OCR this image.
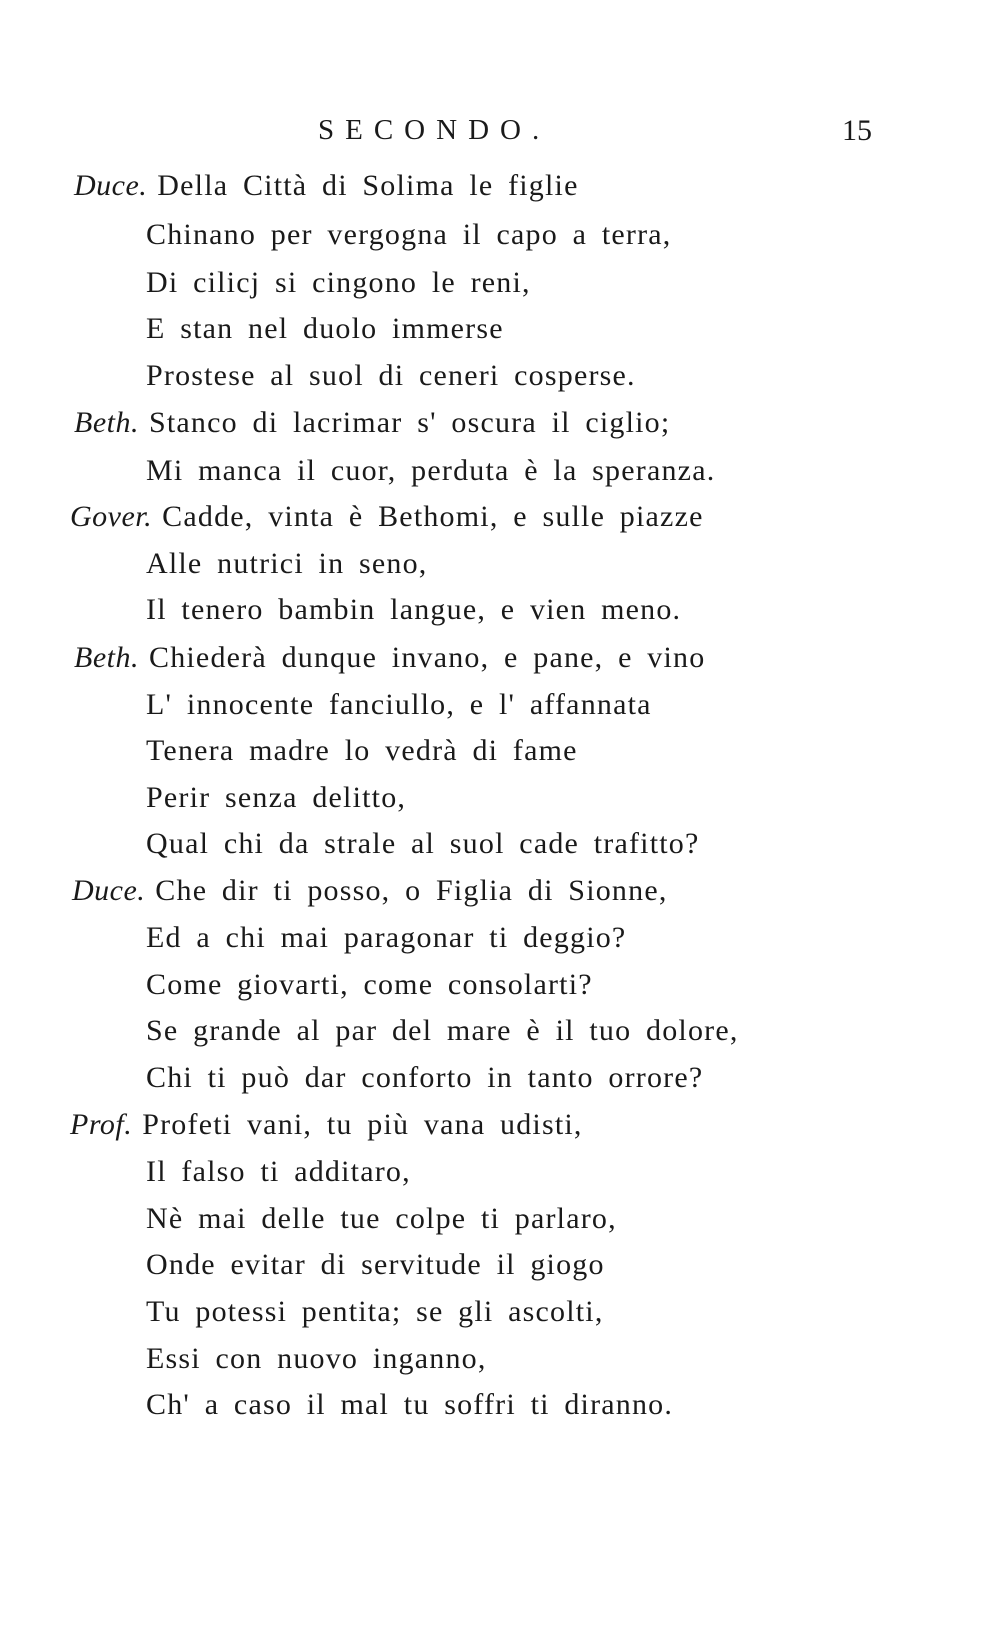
SECONDO.	15
Duce. Della Città di Solima le figlie
Chinano per vergogna il capo a terra,
Di cilicj si cingono le reni,
E stan nel duolo immerse
Prostese al suol di ceneri cosperse.
Beth. Stanco di lacrimar s' oscura il ciglio;
Mi manca il cuor, perduta è la speranza.
Gover. Cadde, vinta è Bethomi, e sulle piazze
Alle nutrici in seno,
Il tenero bambin langue, e vien meno.
Beth. Chiederà dunque invano, e pane, e vino
L' innocente fanciullo, e l' affannata
Tenera madre lo vedrà di fame
Perir senza delitto,
Qual chi da strale al suol cade trafitto?
Duce. Che dir ti posso, o Figlia di Sionne,
Ed a chi mai paragonar ti deggio?
Come giovarti, come consolarti?
Se grande al par del mare è il tuo dolore,
Chi ti può dar conforto in tanto orrore?
Prof. Profeti vani, tu più vana udisti,
Il falso ti additaro,
Nè mai delle tue colpe ti parlaro,
Onde evitar di servitude il giogo
Tu potessi pentita; se gli ascolti,
Essi con nuovo inganno,
Ch' a caso il mal tu soffri ti diranno.
